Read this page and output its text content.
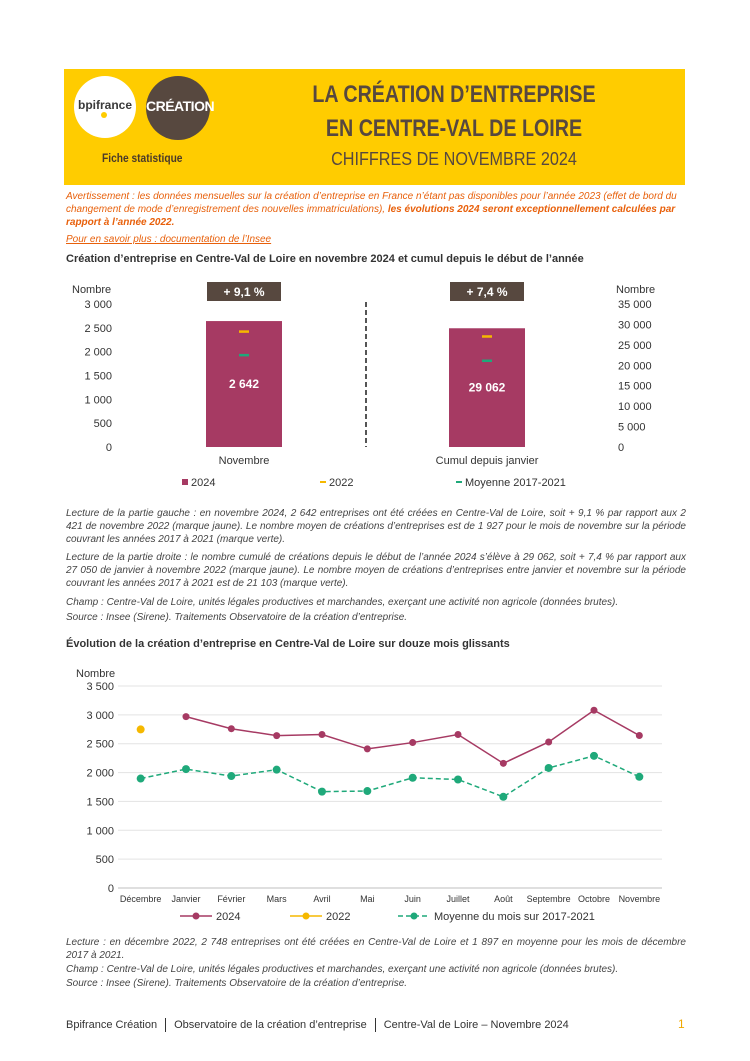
bpifrance CRÉATION
Fiche statistique
LA CRÉATION D’ENTREPRISE
EN CENTRE-VAL DE LOIRE
CHIFFRES DE NOVEMBRE 2024
Avertissement : les données mensuelles sur la création d’entreprise en France n’étant pas disponibles pour l’année 2023 (effet de bord du changement de mode d’enregistrement des nouvelles immatriculations), les évolutions 2024 seront exceptionnellement calculées par rapport à l’année 2022.
Pour en savoir plus : documentation de l’Insee
Création d’entreprise en Centre-Val de Loire en novembre 2024 et cumul depuis le début de l’année
Nombre	Nombre
0
500
1 000
1 500
2 000
2 500
3 000
0
5 000
10 000
15 000
20 000
25 000
30 000
35 000
2 642
+ 9,1 %
Novembre
29 062
+ 7,4 %
Cumul depuis janvier
2024	2022	Moyenne 2017-2021
Lecture de la partie gauche : en novembre 2024, 2 642 entreprises ont été créées en Centre-Val de Loire, soit + 9,1 % par rapport aux 2 421 de novembre 2022 (marque jaune). Le nombre moyen de créations d’entreprises est de 1 927 pour le mois de novembre sur la période couvrant les années 2017 à 2021 (marque verte).
Lecture de la partie droite : le nombre cumulé de créations depuis le début de l’année 2024 s’élève à 29 062, soit + 7,4 % par rapport aux 27 050 de janvier à novembre 2022 (marque jaune). Le nombre moyen de créations d’entreprises entre janvier et novembre sur la période couvrant les années 2017 à 2021 est de 21 103 (marque verte).
Champ : Centre-Val de Loire, unités légales productives et marchandes, exerçant une activité non agricole (données brutes).
Source : Insee (Sirene). Traitements Observatoire de la création d’entreprise.
Évolution de la création d’entreprise en Centre-Val de Loire sur douze mois glissants
Nombre
0
500
1 000
1 500
2 000
2 500
3 000
3 500
Décembre Janvier Février Mars	Avril	Mai	Juin	Juillet	Août Septembre Octobre Novembre
2024	2022	Moyenne du mois sur 2017-2021
Lecture : en décembre 2022, 2 748 entreprises ont été créées en Centre-Val de Loire et 1 897 en moyenne pour les mois de décembre 2017 à 2021.
Champ : Centre-Val de Loire, unités légales productives et marchandes, exerçant une activité non agricole (données brutes).
Source : Insee (Sirene). Traitements Observatoire de la création d’entreprise.
Bpifrance Création Observatoire de la création d’entreprise Centre-Val de Loire – Novembre 2024	1
